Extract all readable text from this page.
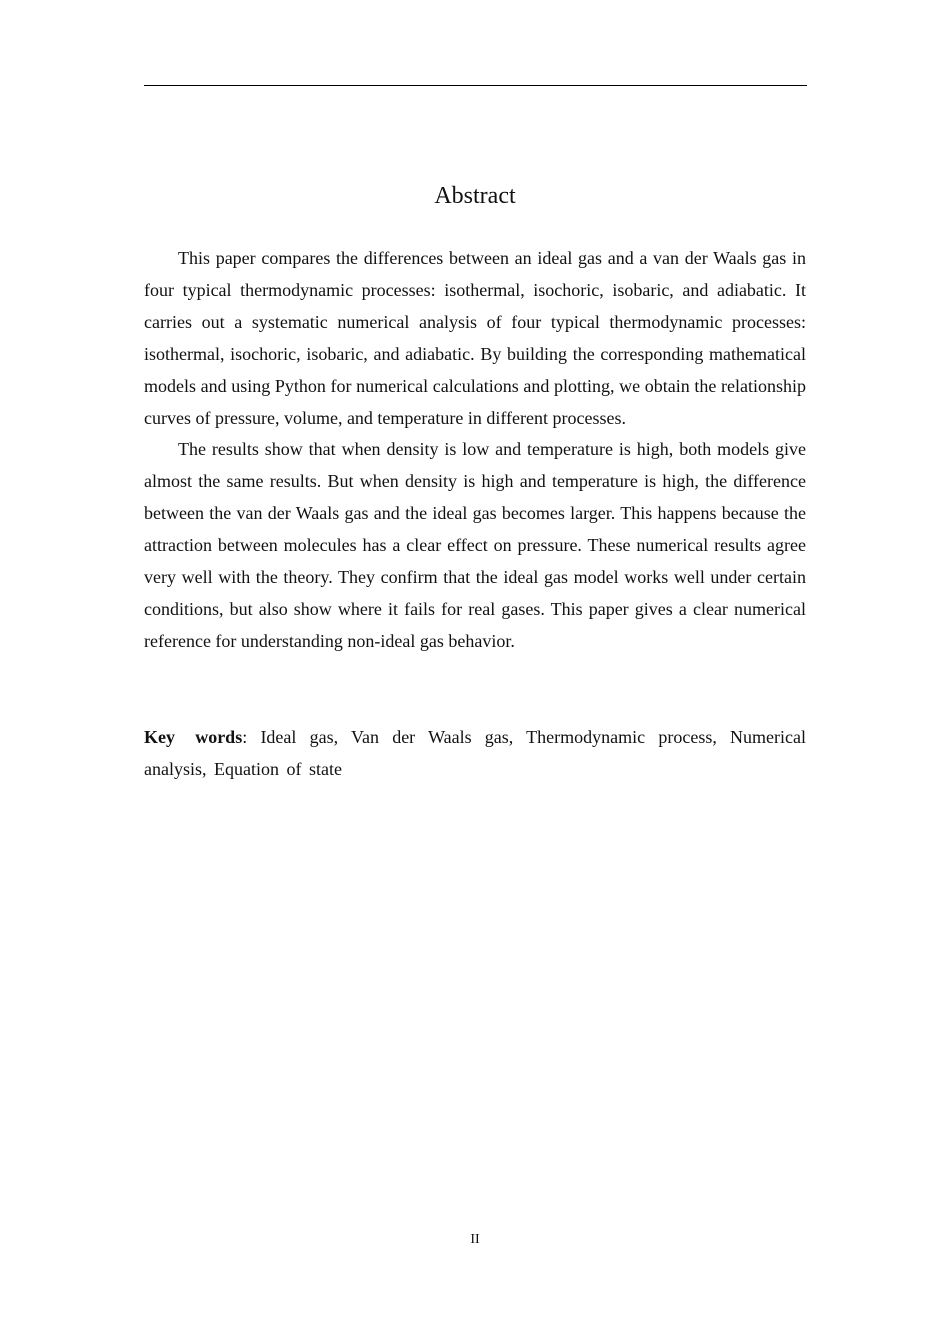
Abstract

This paper compares the differences between an ideal gas and a van der Waals gas in four typical thermodynamic processes: isothermal, isochoric, isobaric, and adiabatic. It carries out a systematic numerical analysis of four typical thermodynamic processes: isothermal, isochoric, isobaric, and adiabatic. By building the corresponding mathematical models and using Python for numerical calculations and plotting, we obtain the relationship curves of pressure, volume, and temperature in different processes.

The results show that when density is low and temperature is high, both models give almost the same results. But when density is high and temperature is high, the difference between the van der Waals gas and the ideal gas becomes larger. This happens because the attraction between molecules has a clear effect on pressure. These numerical results agree very well with the theory. They confirm that the ideal gas model works well under certain conditions, but also show where it fails for real gases. This paper gives a clear numerical reference for understanding non-ideal gas behavior.

Key words: Ideal gas, Van der Waals gas, Thermodynamic process, Numerical analysis, Equation of state

II
